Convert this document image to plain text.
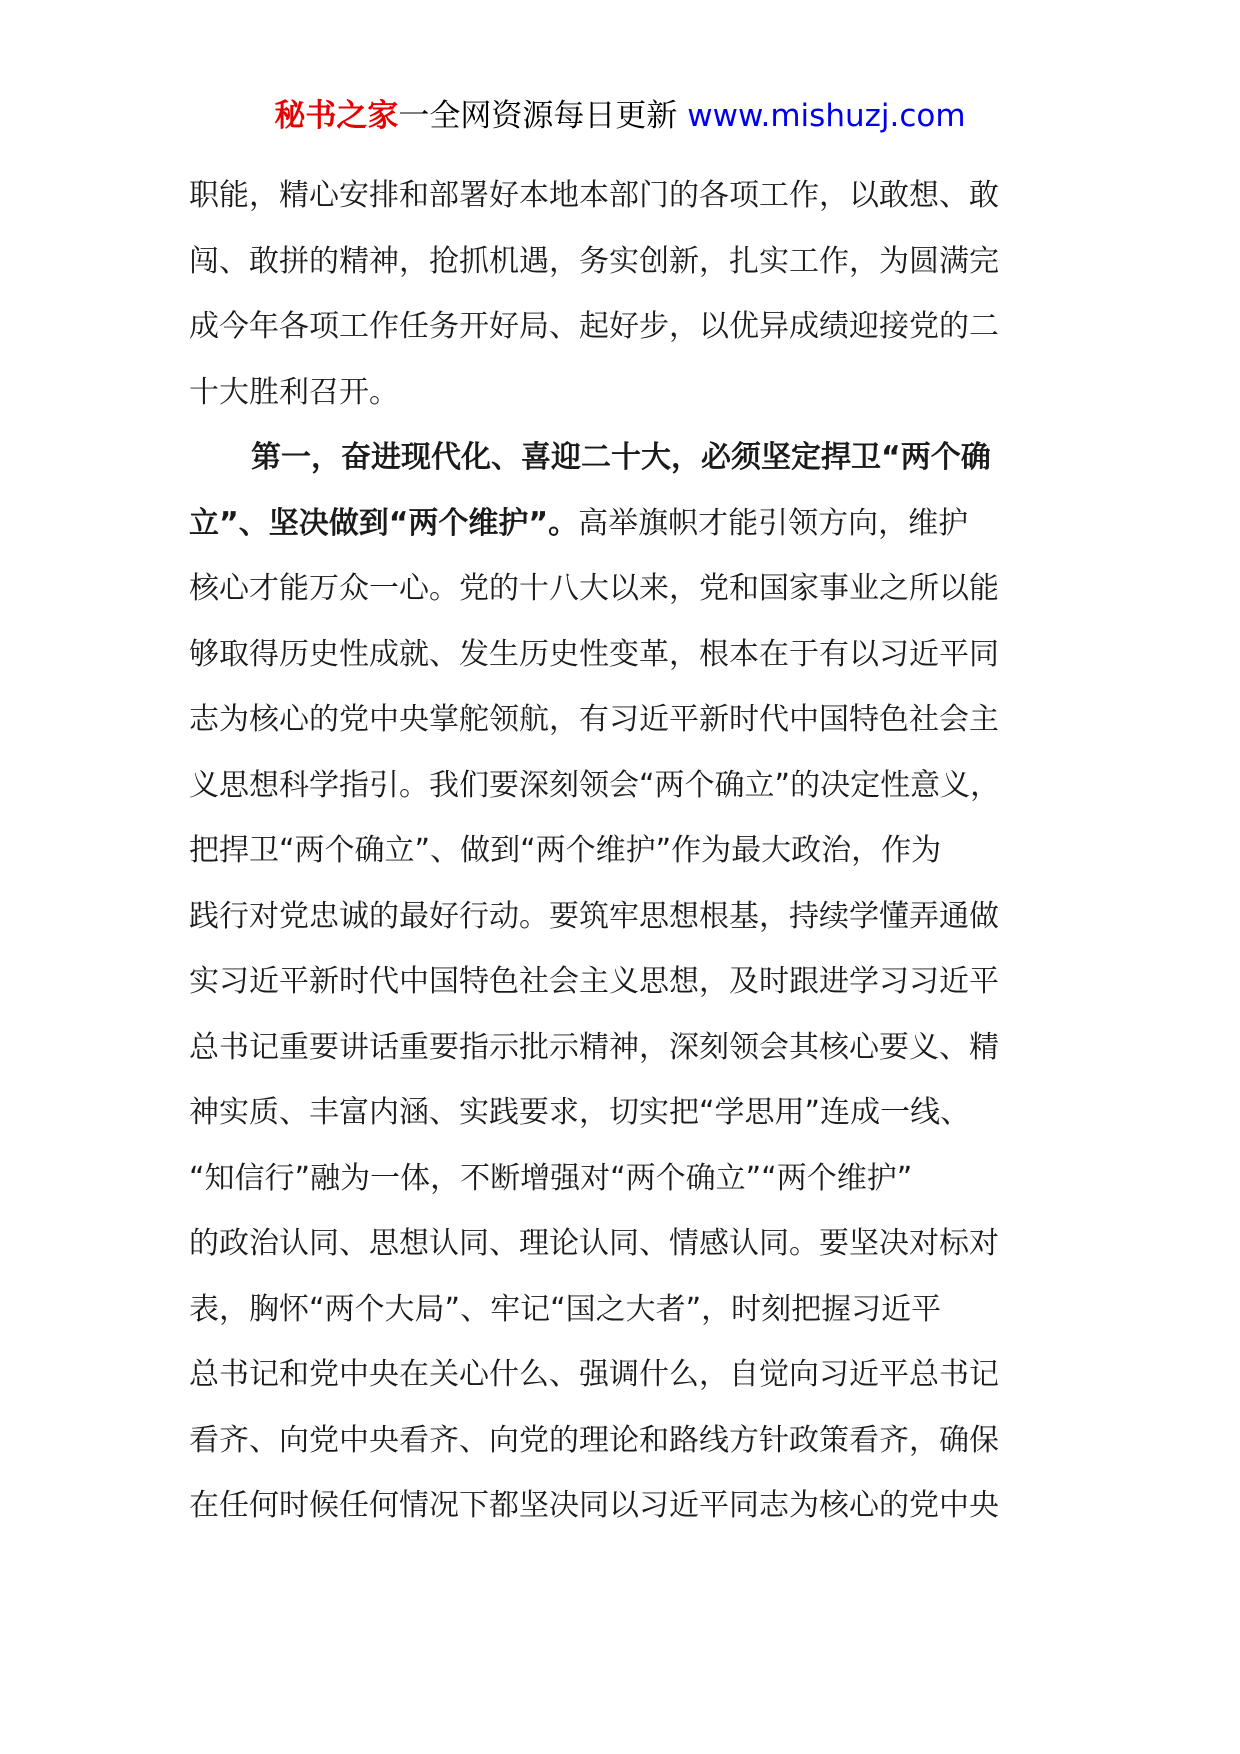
秘书之家一全网资源每日更新 www.mishuzj.com
职能，精心安排和部署好本地本部门的各项工作，以敢想、敢
闯、敢拼的精神，抢抓机遇，务实创新，扎实工作，为圆满完
成今年各项工作任务开好局、起好步，以优异成绩迎接党的二
十大胜利召开。
第一，奋进现代化、喜迎二十大，必须坚定捍卫“两个确
立”、坚决做到“两个维护”。高举旗帜才能引领方向，维护
核心才能万众一心。党的十八大以来，党和国家事业之所以能
够取得历史性成就、发生历史性变革，根本在于有以习近平同
志为核心的党中央掌舵领航，有习近平新时代中国特色社会主
义思想科学指引。我们要深刻领会“两个确立”的决定性意义，
把捍卫“两个确立”、做到“两个维护”作为最大政治，作为
践行对党忠诚的最好行动。要筑牢思想根基，持续学懂弄通做
实习近平新时代中国特色社会主义思想，及时跟进学习习近平
总书记重要讲话重要指示批示精神，深刻领会其核心要义、精
神实质、丰富内涵、实践要求，切实把“学思用”连成一线、
“知信行”融为一体，不断增强对“两个确立”“两个维护”
的政治认同、思想认同、理论认同、情感认同。要坚决对标对
表，胸怀“两个大局”、牢记“国之大者”，时刻把握习近平
总书记和党中央在关心什么、强调什么，自觉向习近平总书记
看齐、向党中央看齐、向党的理论和路线方针政策看齐，确保
在任何时候任何情况下都坚决同以习近平同志为核心的党中央
